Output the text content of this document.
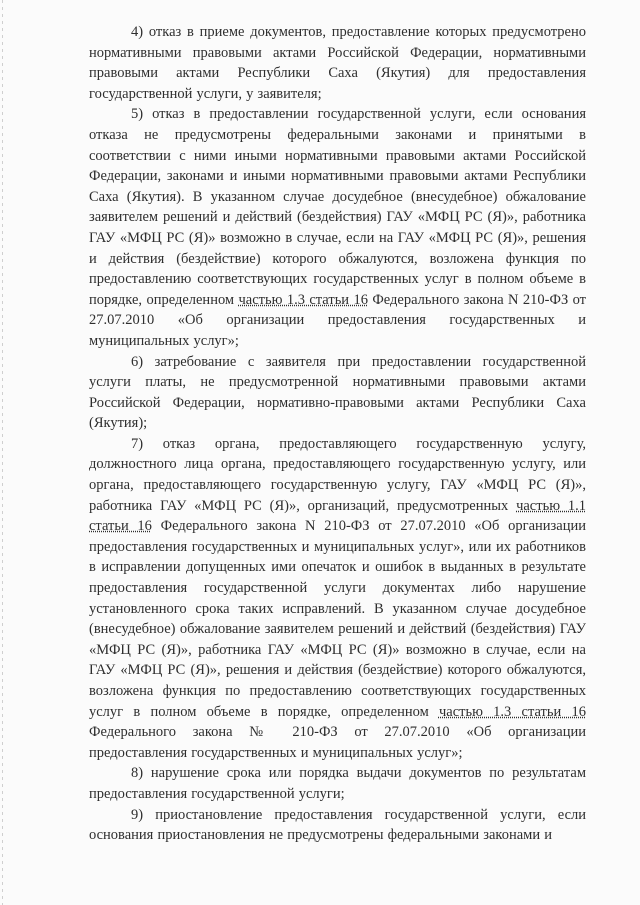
4) отказ в приеме документов, предоставление которых предусмотрено нормативными правовыми актами Российской Федерации, нормативными правовыми актами Республики Саха (Якутия) для предоставления государственной услуги, у заявителя;

5) отказ в предоставлении государственной услуги, если основания отказа не предусмотрены федеральными законами и принятыми в соответствии с ними иными нормативными правовыми актами Российской Федерации, законами и иными нормативными правовыми актами Республики Саха (Якутия). В указанном случае досудебное (внесудебное) обжалование заявителем решений и действий (бездействия) ГАУ «МФЦ РС (Я)», работника ГАУ «МФЦ РС (Я)» возможно в случае, если на ГАУ «МФЦ РС (Я)», решения и действия (бездействие) которого обжалуются, возложена функция по предоставлению соответствующих государственных услуг в полном объеме в порядке, определенном частью 1.3 статьи 16 Федерального закона N 210-ФЗ от 27.07.2010 «Об организации предоставления государственных и муниципальных услуг»;

6) затребование с заявителя при предоставлении государственной услуги платы, не предусмотренной нормативными правовыми актами Российской Федерации, нормативно-правовыми актами Республики Саха (Якутия);

7) отказ органа, предоставляющего государственную услугу, должностного лица органа, предоставляющего государственную услугу, или органа, предоставляющего государственную услугу, ГАУ «МФЦ РС (Я)», работника ГАУ «МФЦ РС (Я)», организаций, предусмотренных частью 1.1 статьи 16 Федерального закона N 210-ФЗ от 27.07.2010 «Об организации предоставления государственных и муниципальных услуг», или их работников в исправлении допущенных ими опечаток и ошибок в выданных в результате предоставления государственной услуги документах либо нарушение установленного срока таких исправлений. В указанном случае досудебное (внесудебное) обжалование заявителем решений и действий (бездействия) ГАУ «МФЦ РС (Я)», работника ГАУ «МФЦ РС (Я)» возможно в случае, если на ГАУ «МФЦ РС (Я)», решения и действия (бездействие) которого обжалуются, возложена функция по предоставлению соответствующих государственных услуг в полном объеме в порядке, определенном частью 1.3 статьи 16 Федерального закона № 210-ФЗ от 27.07.2010 «Об организации предоставления государственных и муниципальных услуг»;

8) нарушение срока или порядка выдачи документов по результатам предоставления государственной услуги;

9) приостановление предоставления государственной услуги, если основания приостановления не предусмотрены федеральными законами и
